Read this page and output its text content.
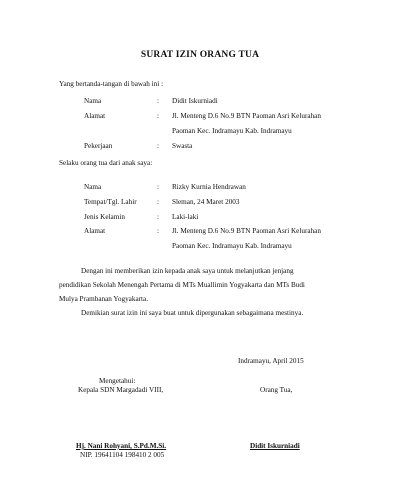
SURAT IZIN ORANG TUA
Yang bertanda-tangan di bawah ini :
Nama	: Didit Iskurniadi
Alamat	: Jl. Menteng D.6 No.9 BTN Paoman Asri Kelurahan
Paoman Kec. Indramayu Kab. Indramayu
Pekerjaan	: Swasta
Selaku orang tua dari anak saya:
Nama	: Rizky Kurnia Hendrawan
Tempat/Tgl. Lahir	: Sleman, 24 Maret 2003
Jenis Kelamin	: Laki-laki
Alamat	: Jl. Menteng D.6 No.9 BTN Paoman Asri Kelurahan
Paoman Kec. Indramayu Kab. Indramayu
Dengan ini memberikan izin kepada anak saya untuk melanjutkan jenjang
pendidikan Sekolah Menengah Pertama di MTs Muallimin Yogyakarta dan MTs Budi
Mulya Prambanan Yogyakarta.
Demikian surat izin ini saya buat untuk dipergunakan sebagaimana mestinya.
Indramayu, April 2015
Mengetahui:
Kepala SDN Margadadi VIII,	Orang Tua,
Hj. Nani Rohyani, S.Pd.M.Si.
NIP. 19641104 198410 2 005
Didit Iskurniadi
